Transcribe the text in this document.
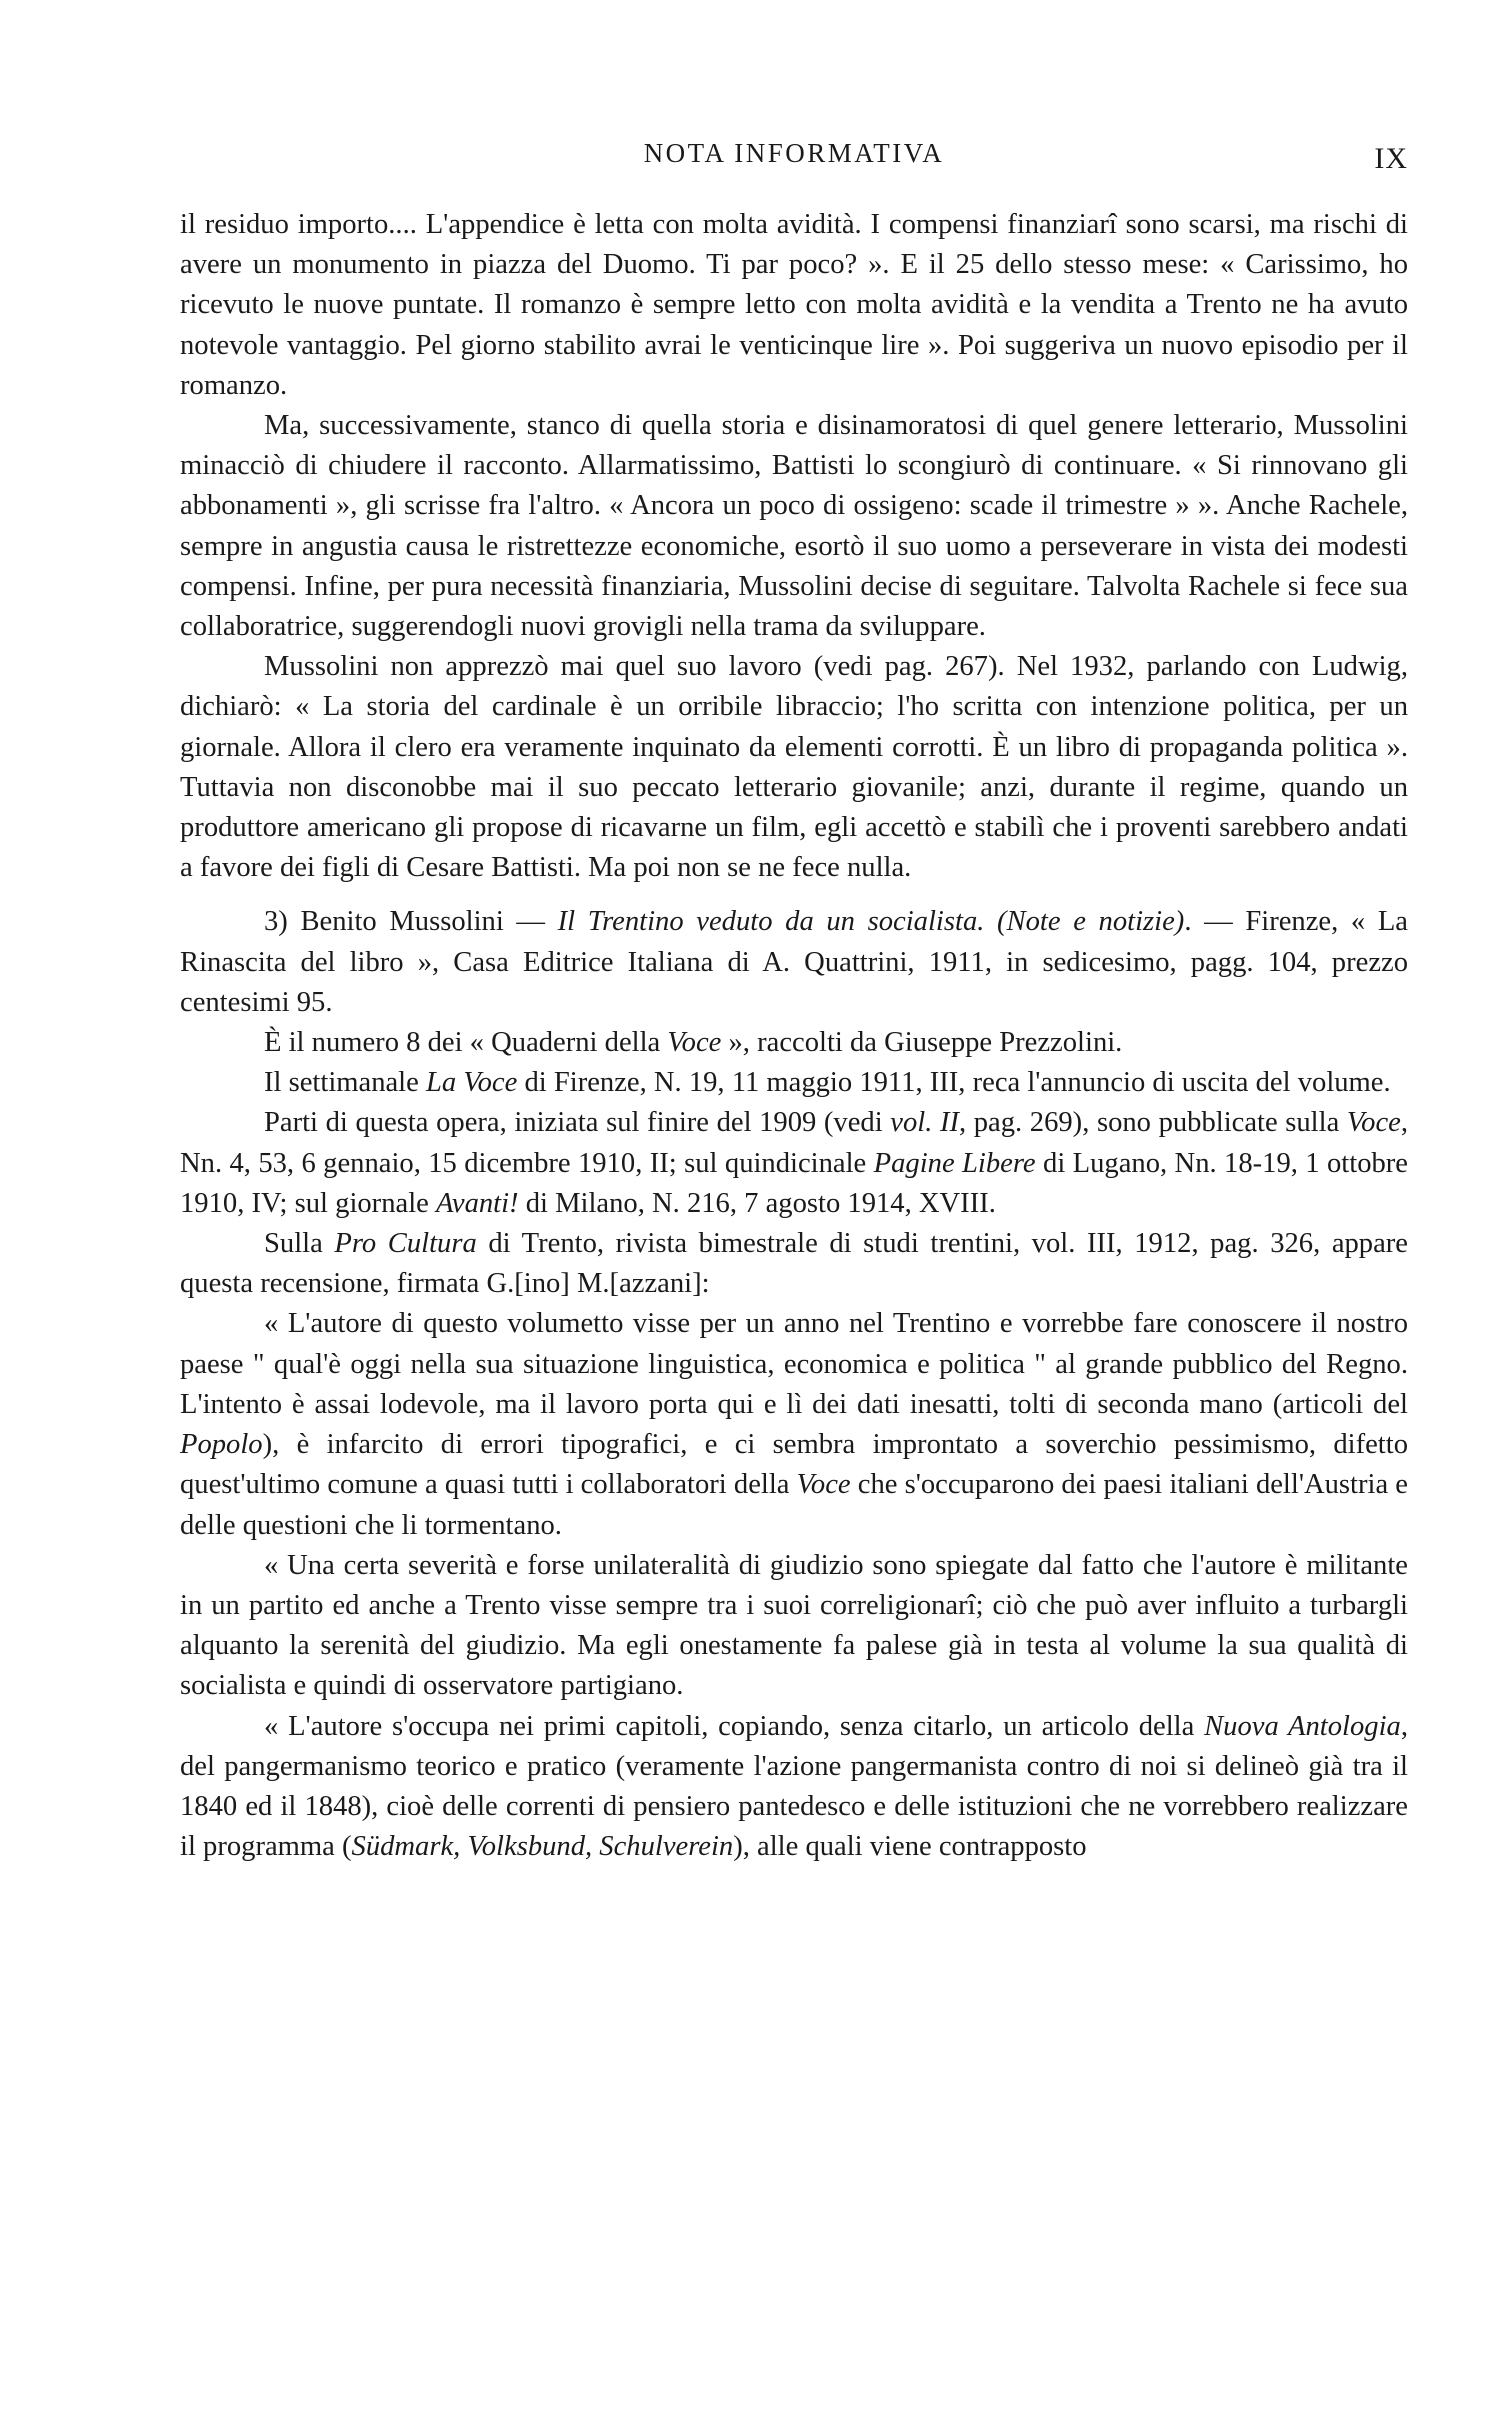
NOTA INFORMATIVA	IX

il residuo importo.... L'appendice è letta con molta avidità. I compensi finanziarî sono scarsi, ma rischi di avere un monumento in piazza del Duomo. Ti par poco? ». E il 25 dello stesso mese: « Carissimo, ho ricevuto le nuove puntate. Il romanzo è sempre letto con molta avidità e la vendita a Trento ne ha avuto notevole vantaggio. Pel giorno stabilito avrai le venticinque lire ». Poi suggeriva un nuovo episodio per il romanzo.

Ma, successivamente, stanco di quella storia e disinamoratosi di quel genere letterario, Mussolini minacciò di chiudere il racconto. Allarmatissimo, Battisti lo scongiurò di continuare. « Si rinnovano gli abbonamenti », gli scrisse fra l'altro. « Ancora un poco di ossigeno: scade il trimestre » ». Anche Rachele, sempre in angustia causa le ristrettezze economiche, esortò il suo uomo a perseverare in vista dei modesti compensi. Infine, per pura necessità finanziaria, Mussolini decise di seguitare. Talvolta Rachele si fece sua collaboratrice, suggerendogli nuovi grovigli nella trama da sviluppare.

Mussolini non apprezzò mai quel suo lavoro (vedi pag. 267). Nel 1932, parlando con Ludwig, dichiarò: « La storia del cardinale è un orribile libraccio; l'ho scritta con intenzione politica, per un giornale. Allora il clero era veramente inquinato da elementi corrotti. È un libro di propaganda politica ». Tuttavia non disconobbe mai il suo peccato letterario giovanile; anzi, durante il regime, quando un produttore americano gli propose di ricavarne un film, egli accettò e stabilì che i proventi sarebbero andati a favore dei figli di Cesare Battisti. Ma poi non se ne fece nulla.

3) Benito Mussolini — Il Trentino veduto da un socialista. (Note e notizie). — Firenze, « La Rinascita del libro », Casa Editrice Italiana di A. Quattrini, 1911, in sedicesimo, pagg. 104, prezzo centesimi 95.

È il numero 8 dei « Quaderni della Voce », raccolti da Giuseppe Prezzolini.

Il settimanale La Voce di Firenze, N. 19, 11 maggio 1911, III, reca l'annuncio di uscita del volume.

Parti di questa opera, iniziata sul finire del 1909 (vedi vol. II, pag. 269), sono pubblicate sulla Voce, Nn. 4, 53, 6 gennaio, 15 dicembre 1910, II; sul quindicinale Pagine Libere di Lugano, Nn. 18-19, 1 ottobre 1910, IV; sul giornale Avanti! di Milano, N. 216, 7 agosto 1914, XVIII.

Sulla Pro Cultura di Trento, rivista bimestrale di studi trentini, vol. III, 1912, pag. 326, appare questa recensione, firmata G.[ino] M.[azzani]:

« L'autore di questo volumetto visse per un anno nel Trentino e vorrebbe fare conoscere il nostro paese " qual'è oggi nella sua situazione linguistica, economica e politica " al grande pubblico del Regno. L'intento è assai lodevole, ma il lavoro porta qui e lì dei dati inesatti, tolti di seconda mano (articoli del Popolo), è infarcito di errori tipografici, e ci sembra improntato a soverchio pessimismo, difetto quest'ultimo comune a quasi tutti i collaboratori della Voce che s'occuparono dei paesi italiani dell'Austria e delle questioni che li tormentano.

« Una certa severità e forse unilateralità di giudizio sono spiegate dal fatto che l'autore è militante in un partito ed anche a Trento visse sempre tra i suoi correligionarî; ciò che può aver influito a turbargli alquanto la serenità del giudizio. Ma egli onestamente fa palese già in testa al volume la sua qualità di socialista e quindi di osservatore partigiano.

« L'autore s'occupa nei primi capitoli, copiando, senza citarlo, un articolo della Nuova Antologia, del pangermanismo teorico e pratico (veramente l'azione pangermanista contro di noi si delineò già tra il 1840 ed il 1848), cioè delle correnti di pensiero pantedesco e delle istituzioni che ne vorrebbero realizzare il programma (Südmark, Volksbund, Schulverein), alle quali viene contrapposto
